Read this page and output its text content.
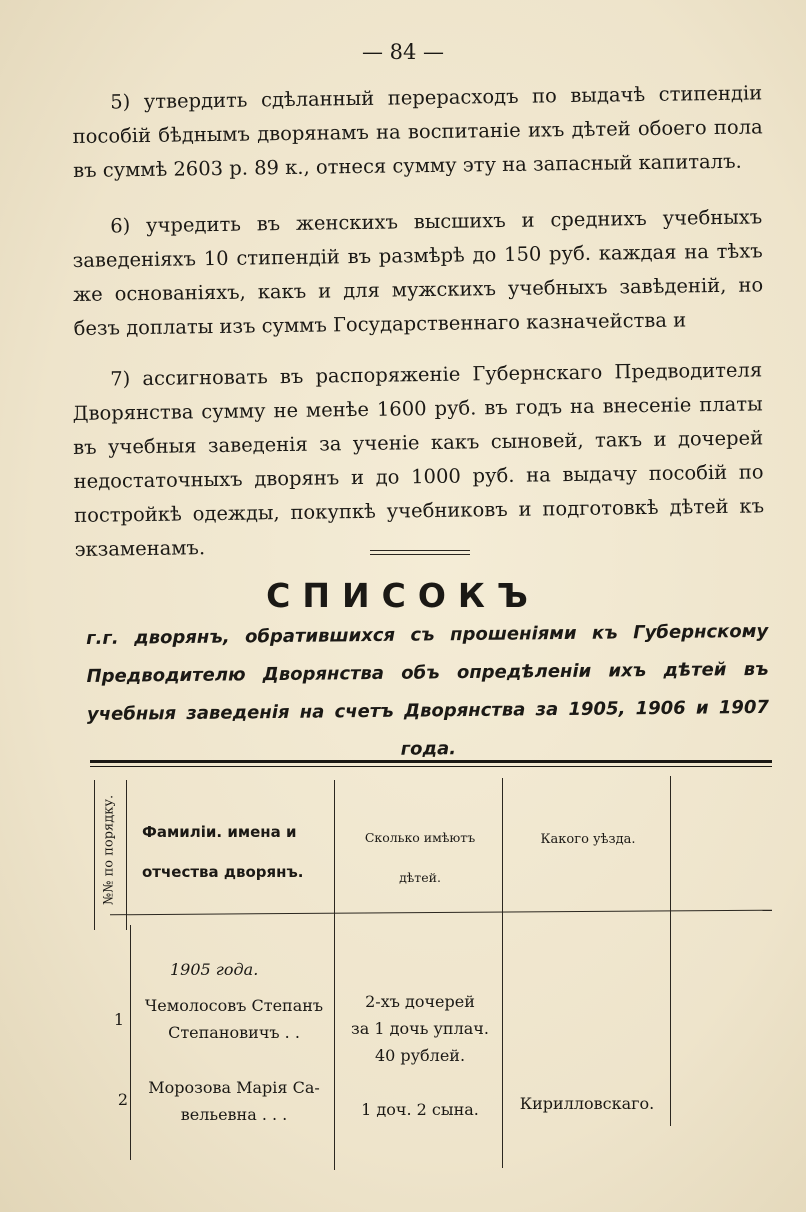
— 84 —

5) утвердить сдѣланный перерасходъ по выдачѣ стипендіи пособій бѣднымъ дворянамъ на воспитаніе ихъ дѣтей обоего пола въ суммѣ 2603 р. 89 к., отнеся сумму эту на запасный капиталъ.

6) учредить въ женскихъ высшихъ и среднихъ учебныхъ заведеніяхъ 10 стипендій въ размѣрѣ до 150 руб. каждая на тѣхъ же основаніяхъ, какъ и для мужскихъ учебныхъ завѣденій, но безъ доплаты изъ суммъ Государственнаго казначейства и

7) ассигновать въ распоряженіе Губернскаго Предводителя Дворянства сумму не менѣе 1600 руб. въ годъ на внесеніе платы въ учебныя заведенія за ученіе какъ сыновей, такъ и дочерей недостаточныхъ дворянъ и до 1000 руб. на выдачу пособій по постройкѣ одежды, покупкѣ учебниковъ и подготовкѣ дѣтей къ экзаменамъ.

СПИСОКЪ

г.г. дворянъ, обратившихся съ прошеніями къ Губернскому Предводителю Дворянства объ опредѣленіи ихъ дѣтей въ учебныя заведенія на счетъ Дворянства за 1905, 1906 и 1907 года.

№№ по порядку. Фамиліи. имена и
отчества дворянъ.
Сколько имѣютъ
дѣтей.
Какого уѣзда.
1905 года.
1
Чемолосовъ Степанъ
Степановичъ . .
2-хъ дочерей
за 1 дочь уплач.
40 рублей.
2
Морозова Марія Са-
вельевна . . .	1 доч. 2 сына.	Кирилловскаго.
